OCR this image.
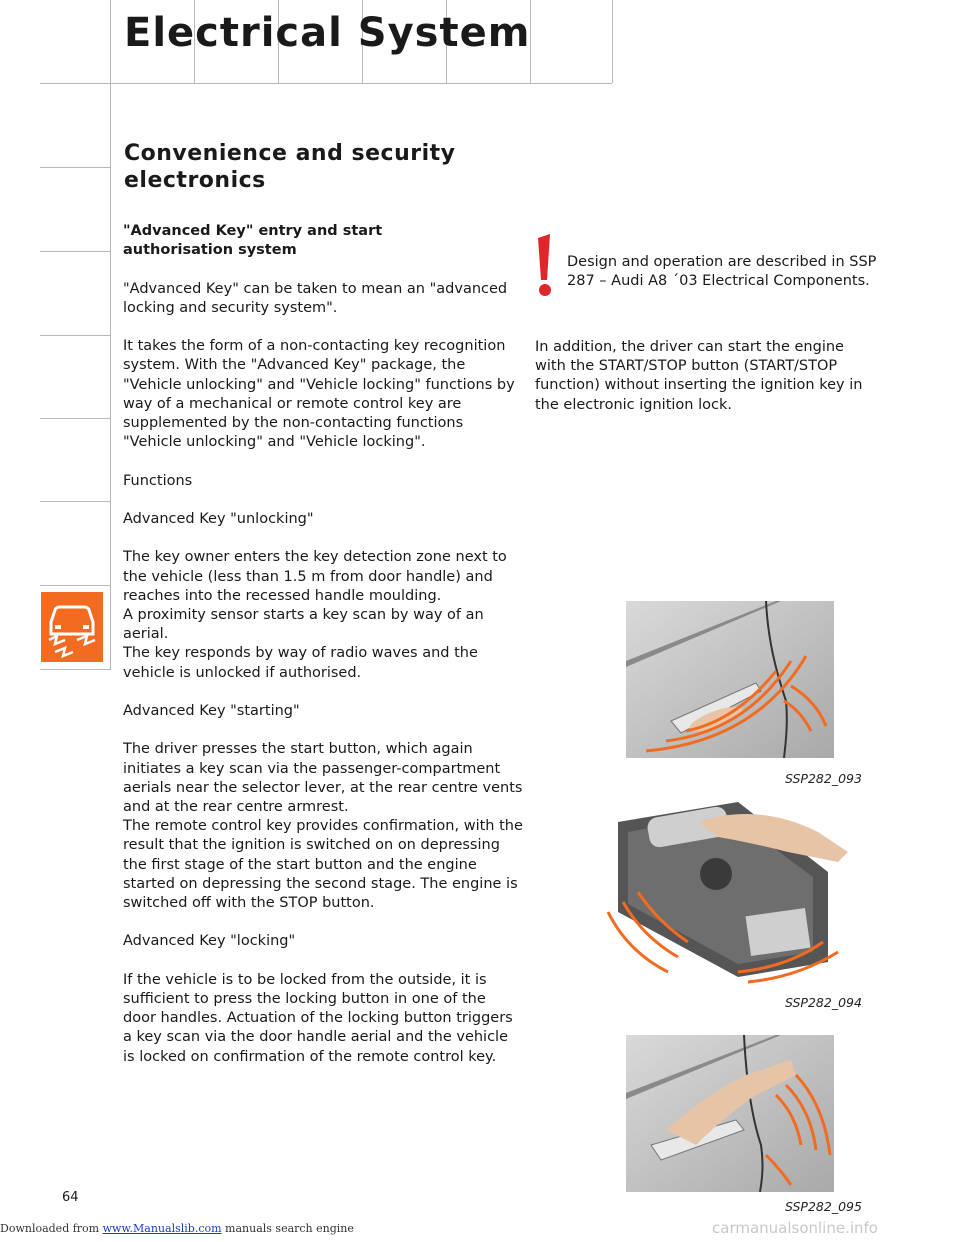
Electrical System
Convenience and security electronics

"Advanced Key" entry and start
authorisation system

"Advanced Key" can be taken to mean an "advanced locking and security system".

It takes the form of a non-contacting key recognition system. With the "Advanced Key" package, the "Vehicle unlocking" and "Vehicle locking" functions by way of a mechanical or remote control key are supplemented by the non-contacting functions "Vehicle unlocking" and "Vehicle locking".

Functions

Advanced Key "unlocking"

The key owner enters the key detection zone next to the vehicle (less than 1.5 m from door handle) and reaches into the recessed handle moulding.

A proximity sensor starts a key scan by way of an aerial.

The key responds by way of radio waves and the vehicle is unlocked if authorised.

Advanced Key "starting"

The driver presses the start button, which again initiates a key scan via the passenger-compartment aerials near the selector lever, at the rear centre vents and at the rear centre armrest.

The remote control key provides confirmation, with the result that the ignition is switched on on depressing the first stage of the start button and the engine started on depressing the second stage. The engine is switched off with the STOP button.

Advanced Key "locking"

If the vehicle is to be locked from the outside, it is sufficient to press the locking button in one of the door handles. Actuation of the locking button triggers a key scan via the door handle aerial and the vehicle is locked on confirmation of the remote control key.

Design and operation are described in SSP 287 – Audi A8 ´03 Electrical Components.
In addition, the driver can start the engine with the START/STOP button (START/STOP function) without inserting the ignition key in the electronic ignition lock.
SSP282_093
SSP282_094
SSP282_095
64
Downloaded from www.Manualslib.com manuals search engine	carmanualsonline.info
